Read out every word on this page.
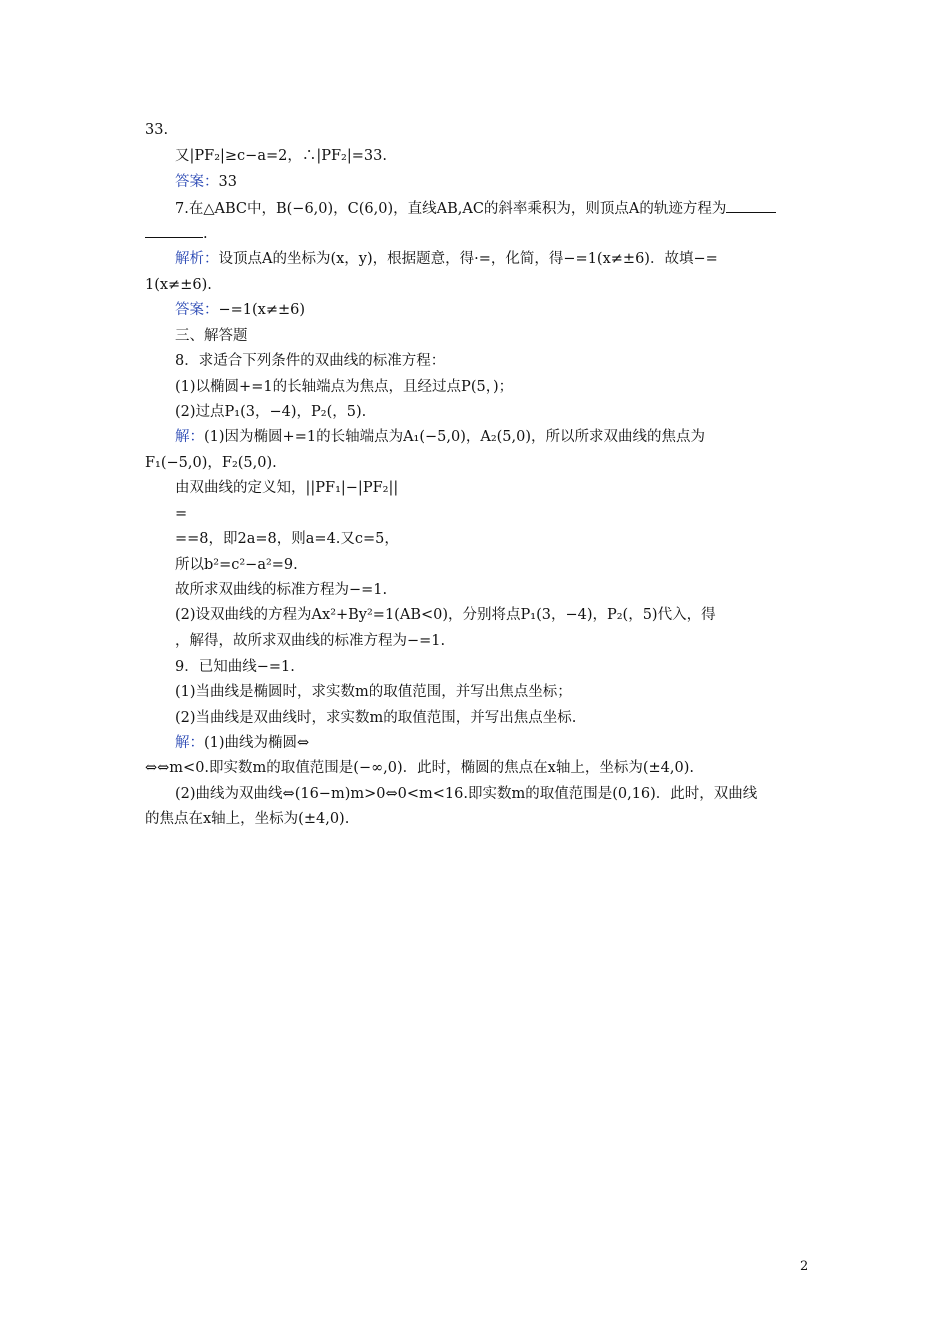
33.
又|PF₂|≥c−a=2，∴|PF₂|=33.
答案：33
7.在△ABC中，B(−6,0)，C(6,0)，直线AB,AC的斜率乘积为，则顶点A的轨迹方程为
.
解析：设顶点A的坐标为(x，y)，根据题意，得·=，化简，得−=1(x≠±6)．故填−=
1(x≠±6).
答案：−=1(x≠±6)
三、解答题
8．求适合下列条件的双曲线的标准方程：
(1)以椭圆+=1的长轴端点为焦点，且经过点P(5，)；
(2)过点P₁(3，−4)，P₂(，5).
解：(1)因为椭圆+=1的长轴端点为A₁(−5,0)，A₂(5,0)，所以所求双曲线的焦点为
F₁(−5,0)，F₂(5,0).
由双曲线的定义知，||PF₁|−|PF₂||
=
==8，即2a=8，则a=4.又c=5，
所以b²=c²−a²=9.
故所求双曲线的标准方程为−=1.
(2)设双曲线的方程为Ax²+By²=1(AB<0)，分别将点P₁(3，−4)，P₂(，5)代入，得
，解得，故所求双曲线的标准方程为−=1.
9．已知曲线−=1.
(1)当曲线是椭圆时，求实数m的取值范围，并写出焦点坐标；
(2)当曲线是双曲线时，求实数m的取值范围，并写出焦点坐标.
解：(1)曲线为椭圆⇔
⇔⇔m<0.即实数m的取值范围是(−∞,0)．此时，椭圆的焦点在x轴上，坐标为(±4,0).
(2)曲线为双曲线⇔(16−m)m>0⇔0<m<16.即实数m的取值范围是(0,16)．此时，双曲线
的焦点在x轴上，坐标为(±4,0).
2
